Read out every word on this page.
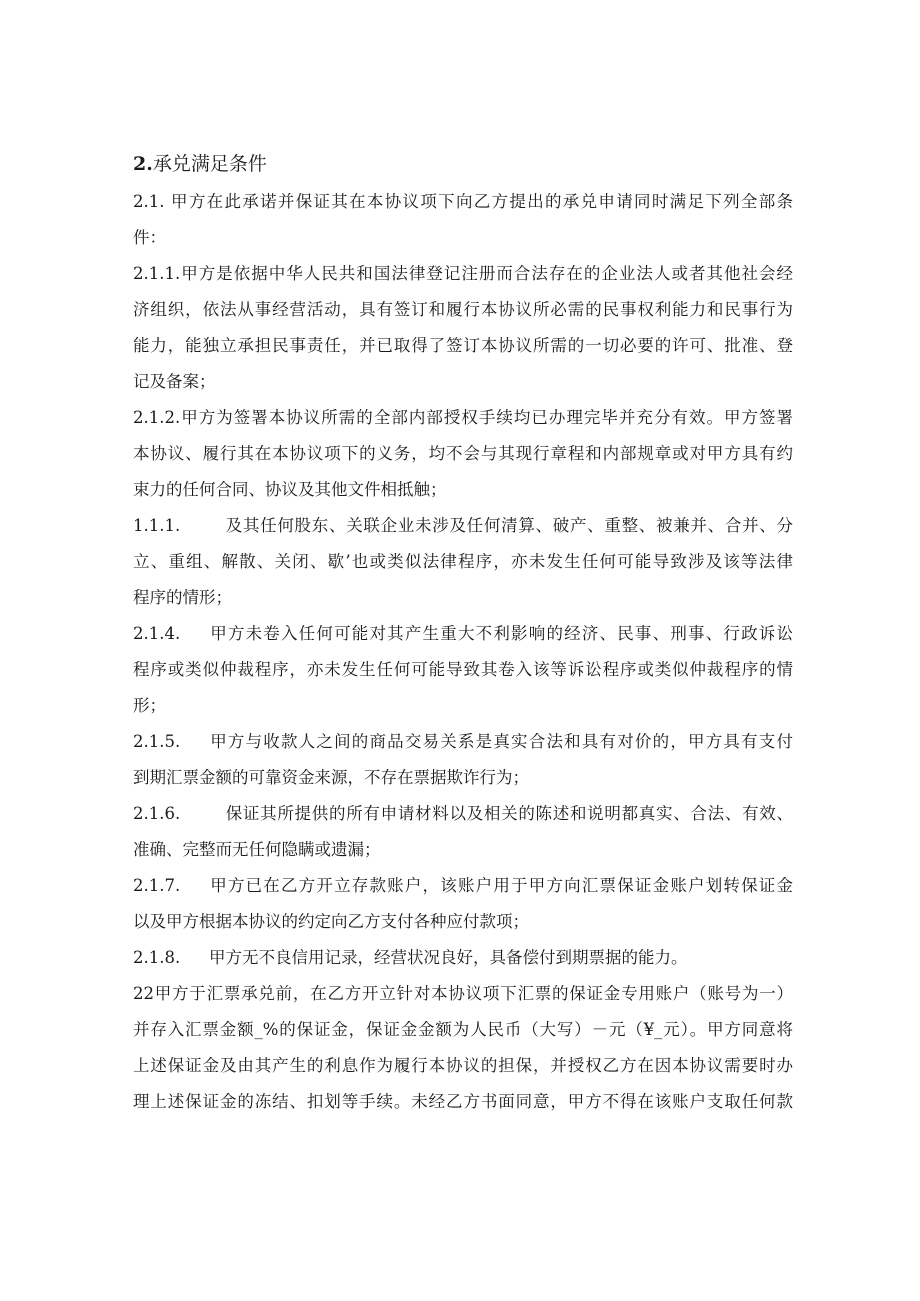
2.承兑满足条件
2.1. 甲方在此承诺并保证其在本协议项下向乙方提出的承兑申请同时满足下列全部条
件：
2.1.1.甲方是依据中华人民共和国法律登记注册而合法存在的企业法人或者其他社会经
济组织，依法从事经营活动，具有签订和履行本协议所必需的民事权利能力和民事行为
能力，能独立承担民事责任，并已取得了签订本协议所需的一切必要的许可、批准、登
记及备案；
2.1.2.甲方为签署本协议所需的全部内部授权手续均已办理完毕并充分有效。甲方签署
本协议、履行其在本协议项下的义务，均不会与其现行章程和内部规章或对甲方具有约
束力的任何合同、协议及其他文件相抵触；
1.1.1.	及其任何股东、关联企业未涉及任何清算、破产、重整、被兼并、合并、分
立、重组、解散、关闭、歇’也或类似法律程序，亦未发生任何可能导致涉及该等法律
程序的情形；
2.1.4. 甲方未卷入任何可能对其产生重大不利影响的经济、民事、刑事、行政诉讼
程序或类似仲裁程序，亦未发生任何可能导致其卷入该等诉讼程序或类似仲裁程序的情
形；
2.1.5. 甲方与收款人之间的商品交易关系是真实合法和具有对价的，甲方具有支付
到期汇票金额的可靠资金来源，不存在票据欺诈行为；
2.1.6.	保证其所提供的所有申请材料以及相关的陈述和说明都真实、合法、有效、
准确、完整而无任何隐瞒或遗漏；
2.1.7. 甲方已在乙方开立存款账户，该账户用于甲方向汇票保证金账户划转保证金
以及甲方根据本协议的约定向乙方支付各种应付款项；
2.1.8. 甲方无不良信用记录，经营状况良好，具备偿付到期票据的能力。
22甲方于汇票承兑前，在乙方开立针对本协议项下汇票的保证金专用账户（账号为一）
并存入汇票金额_%的保证金，保证金金额为人民币（大写）－元（¥_元）。甲方同意将
上述保证金及由其产生的利息作为履行本协议的担保，并授权乙方在因本协议需要时办
理上述保证金的冻结、扣划等手续。未经乙方书面同意，甲方不得在该账户支取任何款
